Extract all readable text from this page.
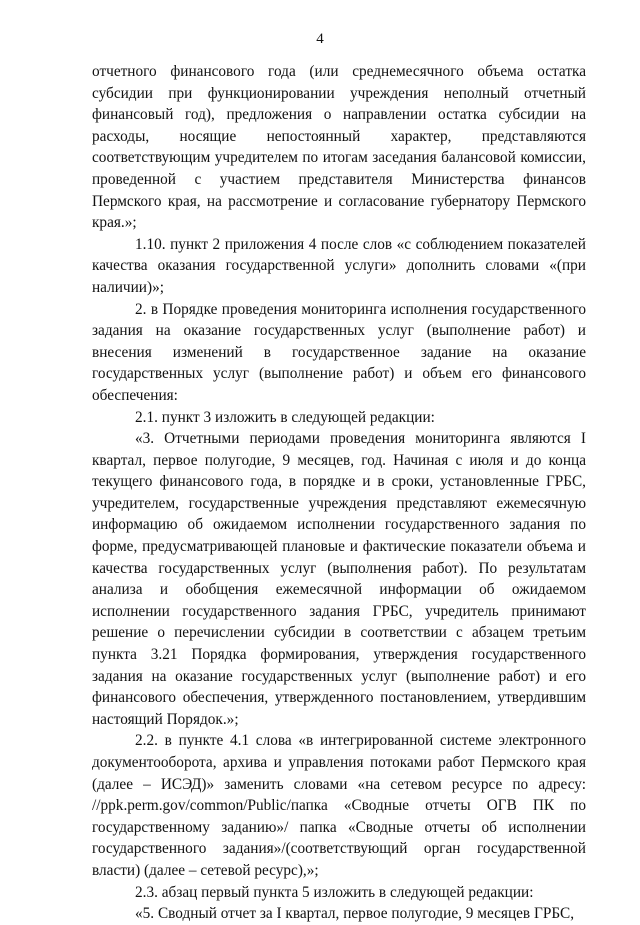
4

отчетного финансового года (или среднемесячного объема остатка субсидии при функционировании учреждения неполный отчетный финансовый год), предложения о направлении остатка субсидии на расходы, носящие непостоянный характер, представляются соответствующим учредителем по итогам заседания балансовой комиссии, проведенной с участием представителя Министерства финансов Пермского края, на рассмотрение и согласование губернатору Пермского края.»;

1.10. пункт 2 приложения 4 после слов «с соблюдением показателей качества оказания государственной услуги» дополнить словами «(при наличии)»;

2. в Порядке проведения мониторинга исполнения государственного задания на оказание государственных услуг (выполнение работ) и внесения изменений в государственное задание на оказание государственных услуг (выполнение работ) и объем его финансового обеспечения:

2.1. пункт 3 изложить в следующей редакции:

«3. Отчетными периодами проведения мониторинга являются I квартал, первое полугодие, 9 месяцев, год. Начиная с июля и до конца текущего финансового года, в порядке и в сроки, установленные ГРБС, учредителем, государственные учреждения представляют ежемесячную информацию об ожидаемом исполнении государственного задания по форме, предусматривающей плановые и фактические показатели объема и качества государственных услуг (выполнения работ). По результатам анализа и обобщения ежемесячной информации об ожидаемом исполнении государственного задания ГРБС, учредитель принимают решение о перечислении субсидии в соответствии с абзацем третьим пункта 3.21 Порядка формирования, утверждения государственного задания на оказание государственных услуг (выполнение работ) и его финансового обеспечения, утвержденного постановлением, утвердившим настоящий Порядок.»;

2.2. в пункте 4.1 слова «в интегрированной системе электронного документооборота, архива и управления потоками работ Пермского края (далее – ИСЭД)» заменить словами «на сетевом ресурсе по адресу: //ppk.perm.gov/common/Public/папка «Сводные отчеты ОГВ ПК по государственному заданию»/ папка «Сводные отчеты об исполнении государственного задания»/(соответствующий орган государственной власти) (далее – сетевой ресурс),»;

2.3. абзац первый пункта 5 изложить в следующей редакции:

«5. Сводный отчет за I квартал, первое полугодие, 9 месяцев ГРБС,
